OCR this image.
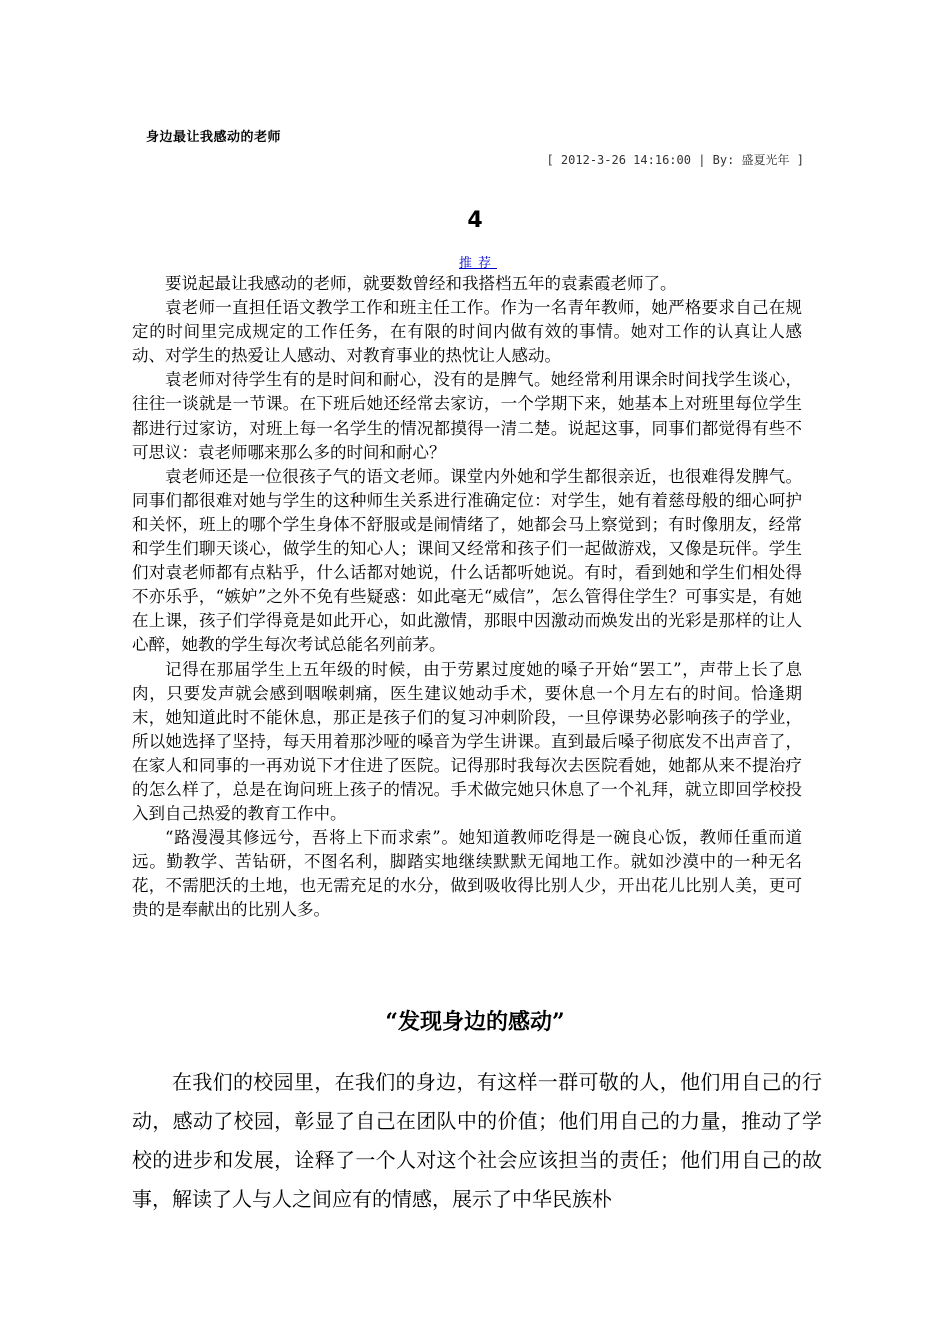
身边最让我感动的老师
[ 2012-3-26 14:16:00 | By: 盛夏光年 ]
4
推荐

要说起最让我感动的老师，就要数曾经和我搭档五年的袁素霞老师了。

袁老师一直担任语文教学工作和班主任工作。作为一名青年教师，她严格要求自己在规定的时间里完成规定的工作任务，在有限的时间内做有效的事情。她对工作的认真让人感动、对学生的热爱让人感动、对教育事业的热忱让人感动。

袁老师对待学生有的是时间和耐心，没有的是脾气。她经常利用课余时间找学生谈心，往往一谈就是一节课。在下班后她还经常去家访，一个学期下来，她基本上对班里每位学生都进行过家访，对班上每一名学生的情况都摸得一清二楚。说起这事，同事们都觉得有些不可思议：袁老师哪来那么多的时间和耐心？

袁老师还是一位很孩子气的语文老师。课堂内外她和学生都很亲近，也很难得发脾气。同事们都很难对她与学生的这种师生关系进行准确定位：对学生，她有着慈母般的细心呵护和关怀，班上的哪个学生身体不舒服或是闹情绪了，她都会马上察觉到；有时像朋友，经常和学生们聊天谈心，做学生的知心人；课间又经常和孩子们一起做游戏，又像是玩伴。学生们对袁老师都有点粘乎，什么话都对她说，什么话都听她说。有时，看到她和学生们相处得不亦乐乎，“嫉妒”之外不免有些疑惑：如此毫无“威信”，怎么管得住学生？可事实是，有她在上课，孩子们学得竟是如此开心，如此激情，那眼中因激动而焕发出的光彩是那样的让人心醉，她教的学生每次考试总能名列前茅。

记得在那届学生上五年级的时候，由于劳累过度她的嗓子开始“罢工”，声带上长了息肉，只要发声就会感到咽喉刺痛，医生建议她动手术，要休息一个月左右的时间。恰逢期末，她知道此时不能休息，那正是孩子们的复习冲刺阶段，一旦停课势必影响孩子的学业，所以她选择了坚持，每天用着那沙哑的嗓音为学生讲课。直到最后嗓子彻底发不出声音了，在家人和同事的一再劝说下才住进了医院。记得那时我每次去医院看她，她都从来不提治疗的怎么样了，总是在询问班上孩子的情况。手术做完她只休息了一个礼拜，就立即回学校投入到自己热爱的教育工作中。

“路漫漫其修远兮，吾将上下而求索”。她知道教师吃得是一碗良心饭，教师任重而道远。勤教学、苦钻研，不图名利，脚踏实地继续默默无闻地工作。就如沙漠中的一种无名花，不需肥沃的土地，也无需充足的水分，做到吸收得比别人少，开出花儿比别人美，更可贵的是奉献出的比别人多。

“发现身边的感动”

在我们的校园里，在我们的身边，有这样一群可敬的人，他们用自己的行动，感动了校园，彰显了自己在团队中的价值；他们用自己的力量，推动了学校的进步和发展，诠释了一个人对这个社会应该担当的责任；他们用自己的故事，解读了人与人之间应有的情感，展示了中华民族朴
